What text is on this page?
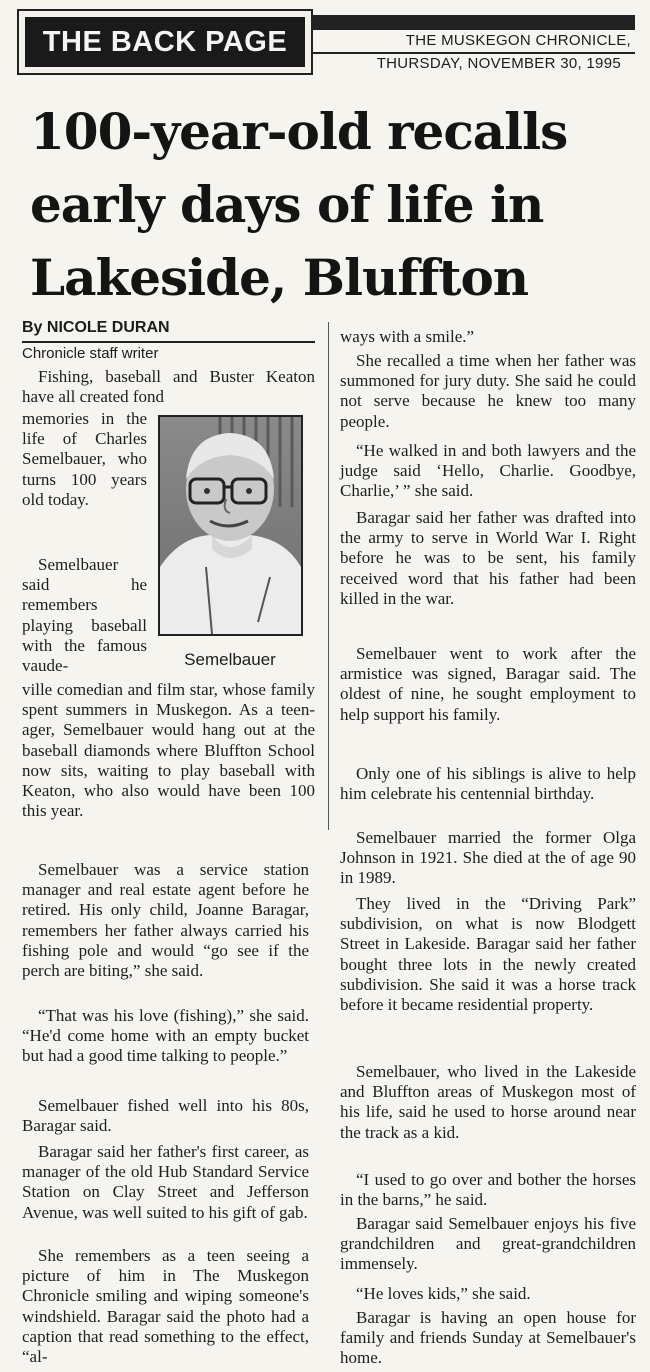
THE BACK PAGE	THE MUSKEGON CHRONICLE,
THURSDAY, NOVEMBER 30, 1995
100-year-old recalls
early days of life in
Lakeside, Bluffton
By NICOLE DURAN
Chronicle staff writer

Fishing, baseball and Buster Keaton have all created fond

memories in the life of Charles Semelbauer, who turns 100 years old today.

Semelbauer said he remembers playing baseball with the famous vaude-	Semelbauer

ville comedian and film star, whose family spent summers in Muskegon. As a teen-ager, Semelbauer would hang out at the baseball diamonds where Bluffton School now sits, waiting to play baseball with Keaton, who also would have been 100 this year.

Semelbauer was a service station manager and real estate agent before he retired. His only child, Joanne Baragar, remembers her father always carried his fishing pole and would “go see if the perch are biting,” she said.

“That was his love (fishing),” she said. “He'd come home with an empty bucket but had a good time talking to people.”

Semelbauer fished well into his 80s, Baragar said.

Baragar said her father's first career, as manager of the old Hub Standard Service Station on Clay Street and Jefferson Avenue, was well suited to his gift of gab.

She remembers as a teen seeing a picture of him in The Muskegon Chronicle smiling and wiping someone's windshield. Baragar said the photo had a caption that read something to the effect, “al-

ways with a smile.”

She recalled a time when her father was summoned for jury duty. She said he could not serve because he knew too many people.

“He walked in and both lawyers and the judge said ‘Hello, Charlie. Goodbye, Charlie,’ ” she said.

Baragar said her father was drafted into the army to serve in World War I. Right before he was to be sent, his family received word that his father had been killed in the war.

Semelbauer went to work after the armistice was signed, Baragar said. The oldest of nine, he sought employment to help support his family.

Only one of his siblings is alive to help him celebrate his centennial birthday.

Semelbauer married the former Olga Johnson in 1921. She died at the of age 90 in 1989.

They lived in the “Driving Park” subdivision, on what is now Blodgett Street in Lakeside. Baragar said her father bought three lots in the newly created subdivision. She said it was a horse track before it became residential property.

Semelbauer, who lived in the Lakeside and Bluffton areas of Muskegon most of his life, said he used to horse around near the track as a kid.

“I used to go over and bother the horses in the barns,” he said.

Baragar said Semelbauer enjoys his five grandchildren and great-grandchildren immensely.

“He loves kids,” she said.

Baragar is having an open house for family and friends Sunday at Semelbauer's home.
